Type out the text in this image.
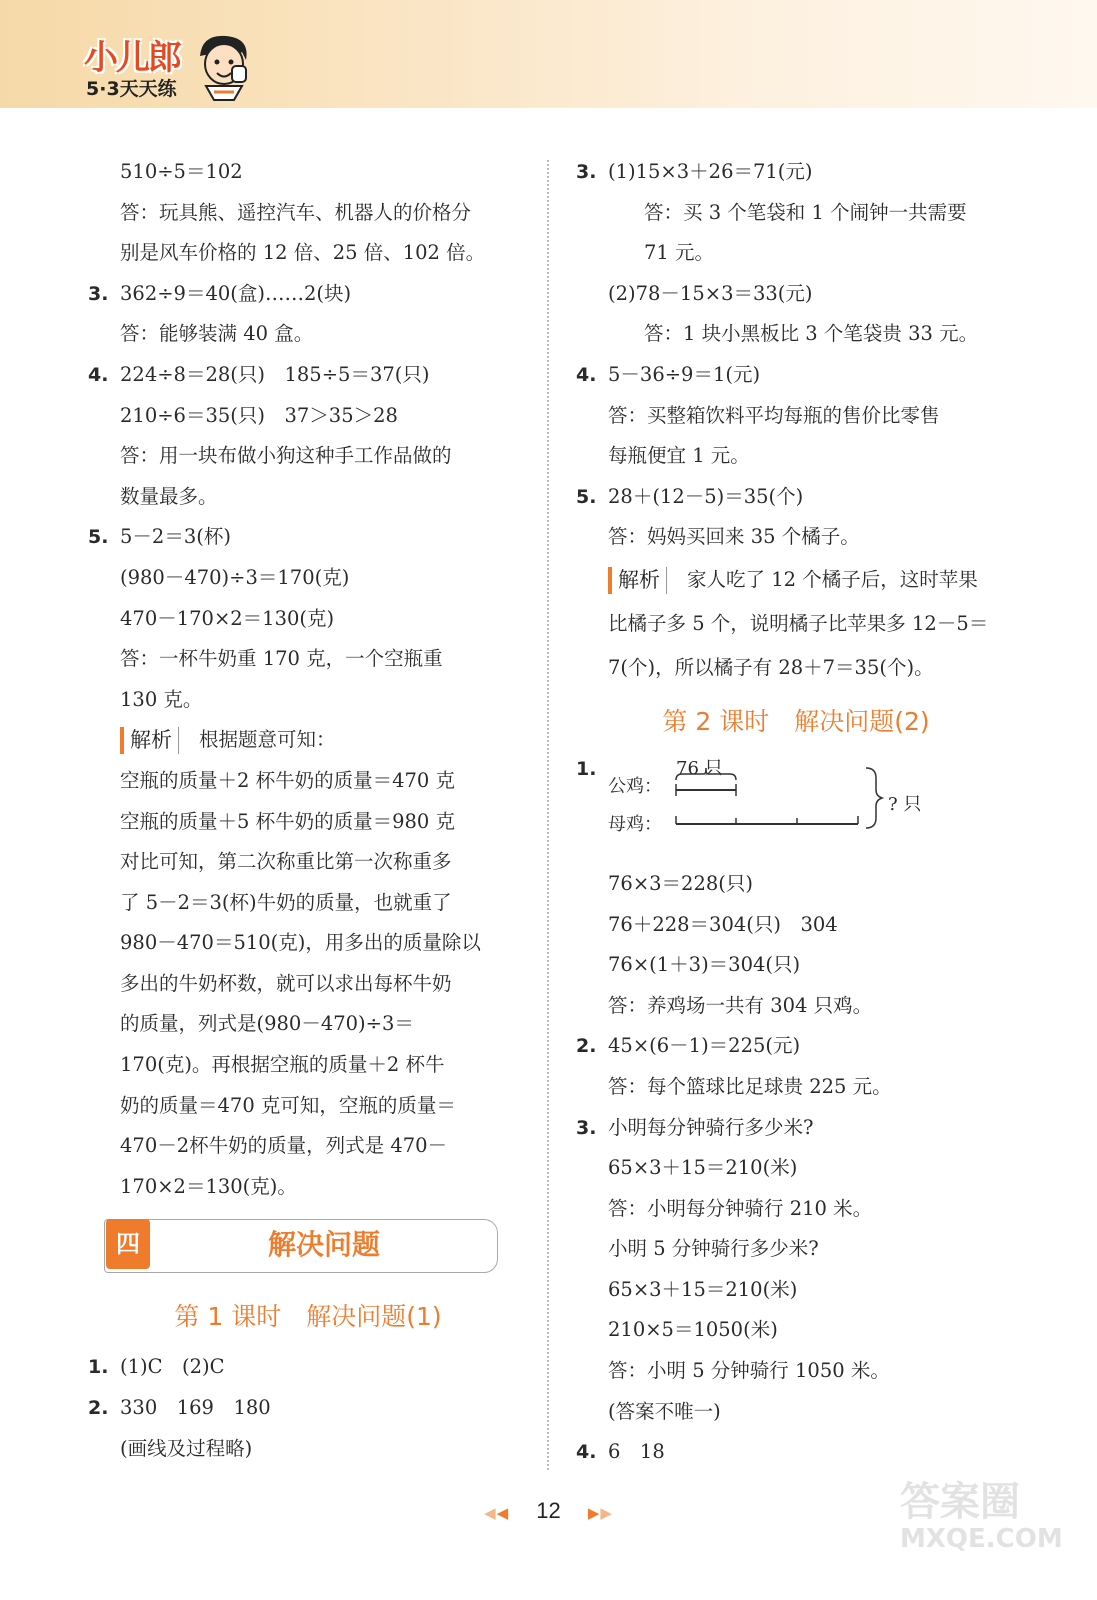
小儿郎
5·3天天练
510÷5＝102
答：玩具熊、遥控汽车、机器人的价格分
别是风车价格的 12 倍、25 倍、102 倍。
3. 362÷9＝40(盒)……2(块)
答：能够装满 40 盒。
4. 224÷8＝28(只)　185÷5＝37(只)
210÷6＝35(只)　37＞35＞28
答：用一块布做小狗这种手工作品做的
数量最多。
5. 5－2＝3(杯)
(980－470)÷3＝170(克)
470－170×2＝130(克)
答：一杯牛奶重 170 克，一个空瓶重
130 克。
解析 根据题意可知：
空瓶的质量＋2 杯牛奶的质量＝470 克
空瓶的质量＋5 杯牛奶的质量＝980 克
对比可知，第二次称重比第一次称重多
了 5－2＝3(杯)牛奶的质量，也就重了
980－470＝510(克)，用多出的质量除以
多出的牛奶杯数，就可以求出每杯牛奶
的质量，列式是(980－470)÷3＝
170(克)。再根据空瓶的质量＋2 杯牛
奶的质量＝470 克可知，空瓶的质量＝
470－2杯牛奶的质量，列式是 470－
170×2＝130(克)。
四	解决问题
第 1 课时　解决问题(1)
1. (1)C　(2)C
2. 330　169　180
(画线及过程略)
3. (1)15×3＋26＝71(元)
答：买 3 个笔袋和 1 个闹钟一共需要
71 元。
(2)78－15×3＝33(元)
答：1 块小黑板比 3 个笔袋贵 33 元。
4. 5－36÷9＝1(元)
答：买整箱饮料平均每瓶的售价比零售
每瓶便宜 1 元。
5. 28＋(12－5)＝35(个)
答：妈妈买回来 35 个橘子。
解析 家人吃了 12 个橘子后，这时苹果
比橘子多 5 个，说明橘子比苹果多 12－5＝
7(个)，所以橘子有 28＋7＝35(个)。
第 2 课时　解决问题(2)
1.	76 只
公鸡：
母鸡：
? 只
76×3＝228(只)
76＋228＝304(只)　304
76×(1＋3)＝304(只)
答：养鸡场一共有 304 只鸡。
2. 45×(6－1)＝225(元)
答：每个篮球比足球贵 225 元。
3. 小明每分钟骑行多少米?
65×3＋15＝210(米)
答：小明每分钟骑行 210 米。
小明 5 分钟骑行多少米?
65×3＋15＝210(米)
210×5＝1050(米)
答：小明 5 分钟骑行 1050 米。
(答案不唯一)
4. 6　18
◀◀ 12 ▶▶	答案圈
MXQE.COM
